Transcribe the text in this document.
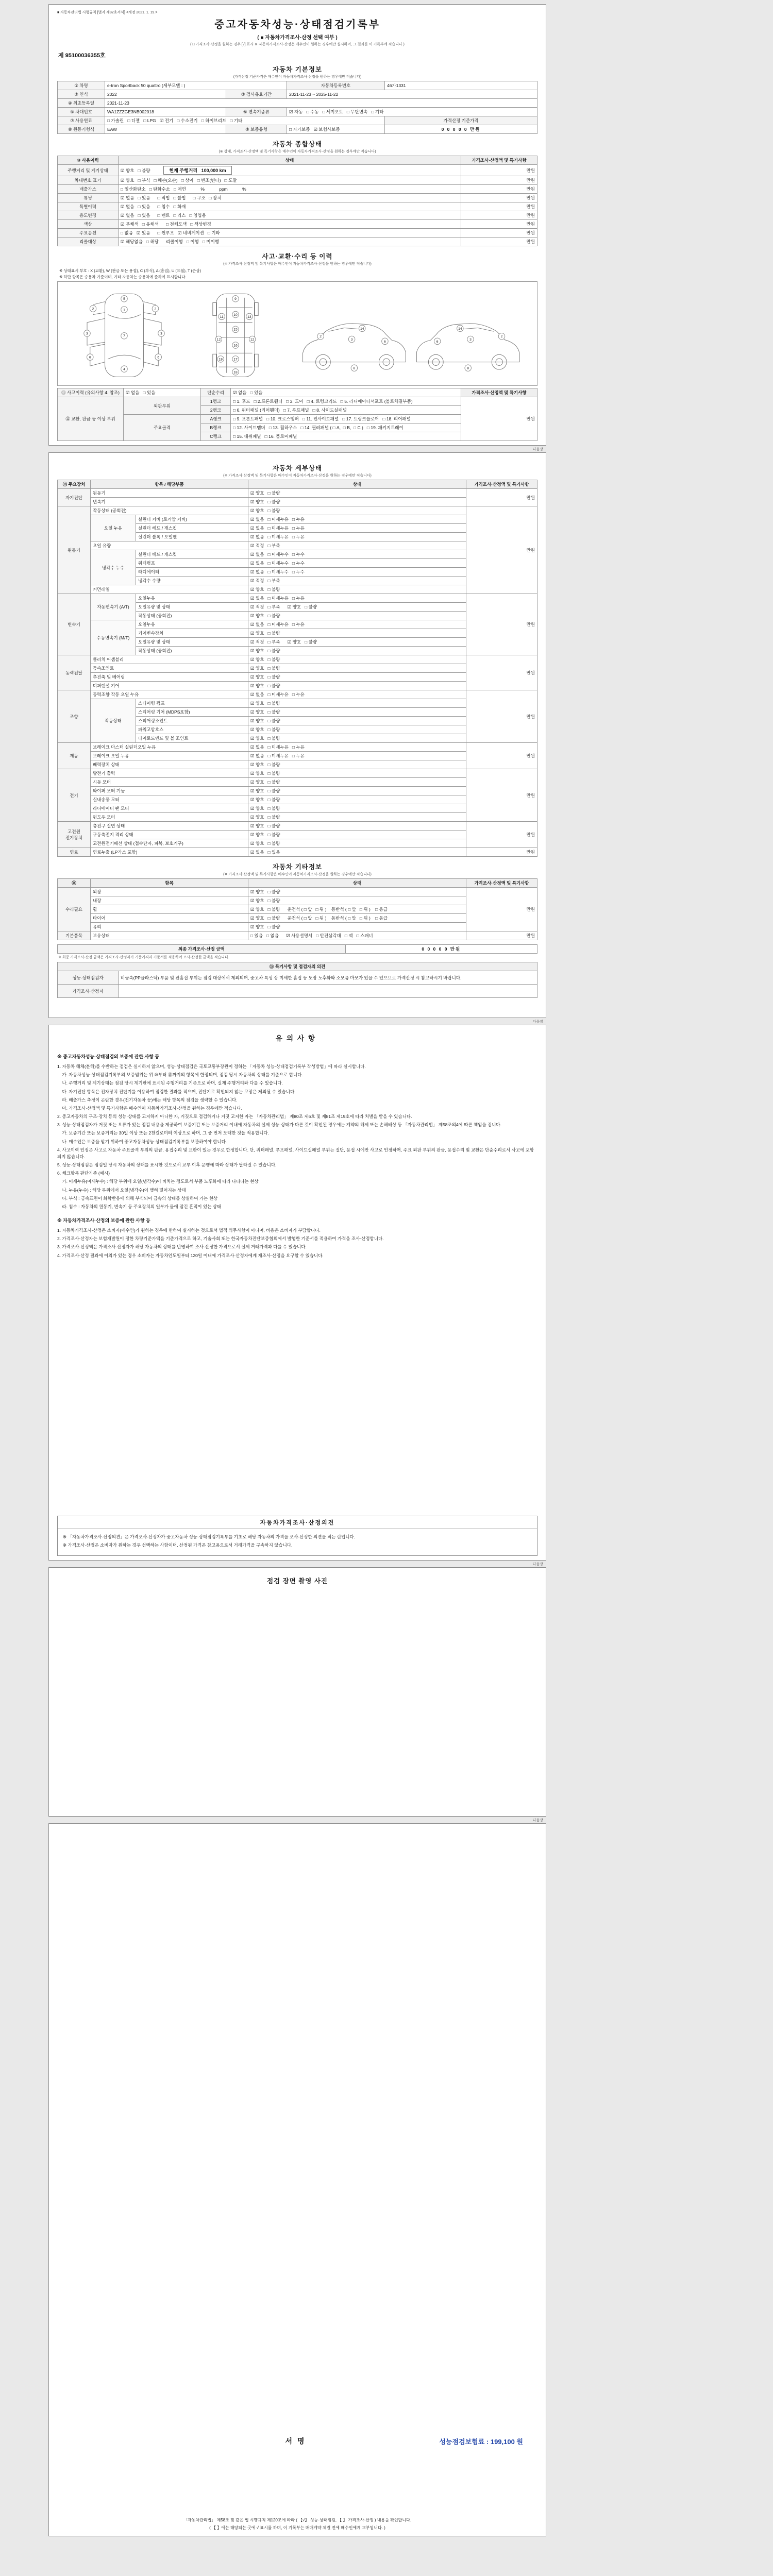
■ 자동차관리법 시행규칙 [별지 제82호서식] <개정 2021. 1. 19.>
중고자동차성능·상태점검기록부
( ■ 자동차가격조사·산정 선택 여부 )
( □ 가격조사·산정을 원하는 경우 [√] 표시 ※ 자동차가격조사·산정은 매수인이 원하는 경우에만 실시하며, 그 결과를 이 기록부에 적습니다 )
제 95100036355호
자동차 기본정보
(가격산정 기준가격은 매수인이 자동차가격조사·산정을 원하는 경우에만 적습니다)
① 차명	e-tron Sportback 50 quattro (세부모델 : )		자동차등록번호	46가1331
② 연식	2022	③ 검사유효기간	2021-11-23 ~ 2025-11-22	
④ 최초등록일	2021-11-23			
⑤ 차대번호	WA1ZZZGE3NB002018	⑥ 변속기종류	☑ 자동   □ 수동   □ 세미오토   □ 무단변속   □ 기타	
⑦ 사용연료	□ 가솔린   □ 디젤   □ LPG   ☑ 전기   □ 수소전기   □ 하이브리드   □ 기타			가격산정 기준가격
⑧ 원동기형식	EAW	⑨ 보증유형	□ 자가보증   ☑ 보험사보증	0 0 0 0 0 만원
자동차 종합상태
(※ 상태, 가격조사·산정액 및 특기사항은 매수인이 자동차가격조사·산정을 원하는 경우에만 적습니다)
⑩ 사용이력	상태	가격조사·산정액 및 특기사항
주행거리 및 계기상태	☑ 양호   □ 불량 현재 주행거리   100,000 km	만원
차대번호 표기	☑ 양호   □ 부식   □ 훼손(오손)   □ 상이   □ 변조(변타)   □ 도말	만원
배출가스	□ 일산화탄소   □ 탄화수소   □ 매연            %            ppm            %	만원
튜닝	☑ 없음   □ 있음      □ 적법   □ 불법      □ 구조   □ 장치	만원
특별이력	☑ 없음   □ 있음      □ 침수   □ 화재	만원
용도변경	☑ 없음   □ 있음      □ 렌트   □ 리스   □ 영업용	만원
색상	☑ 무채색   □ 유채색      □ 전체도색   □ 색상변경	만원
주요옵션	□ 없음   ☑ 있음      □ 썬루프   ☑ 네비게이션   □ 기타	만원
리콜대상	☑ 해당없음   □ 해당      리콜이행   □ 이행   □ 미이행	만원
사고·교환·수리 등 이력
(※ 가격조사·산정액 및 특기사항은 매수인이 자동차가격조사·산정을 원하는 경우에만 적습니다)
※ 상태표시 부호 : X (교환), W (판금 또는 용접), C (부식), A (흠집), U (요철), T (손상)
※ 하단 항목은 승용차 기준이며, 기타 자동차는 승용차에 준하여 표시합니다.
5
1
7
4
2	2
3	3
6	6
9
10
11	13
15
12	12
16
17
19
18
2
3
6
8
14
2
3
6
8
14
⑪ 사고이력 (유의사항 4. 참조)	☑ 없음   □ 있음	단순수리	☑ 없음   □ 있음	가격조사·산정액 및 특기사항
⑫ 교환, 판금 등 이상 부위	외판부위	1랭크	□ 1. 후드   □ 2.프론트휀더   □ 3. 도어   □ 4. 트렁크리드   □ 5. 라디에이터서포트 (볼트체결부품)	만원
		2랭크	□ 6. 쿼터패널 (리어휀더)   □ 7. 루프패널   □ 8. 사이드실패널	
	주요골격	A랭크	□ 9. 프론트패널   □ 10. 크로스멤버   □ 11. 인사이드패널   □ 17. 트렁크플로어   □ 18. 리어패널	
		B랭크	□ 12. 사이드멤버   □ 13. 휠하우스   □ 14. 필러패널 ( □ A,  □ B,  □ C )   □ 19. 패키지트레이	
		C랭크	□ 15. 대쉬패널   □ 16. 플로어패널	
다음장
자동차 세부상태
(※ 가격조사·산정액 및 특기사항은 매수인이 자동차가격조사·산정을 원하는 경우에만 적습니다)
⑬ 주요장치	항목 / 해당부품		상태	가격조사·산정액 및 특기사항
자기진단	원동기		☑ 양호   □ 불량	만원
	변속기		☑ 양호   □ 불량	
원동기	작동상태 (공회전)		☑ 양호   □ 불량	만원
	오일 누유	실린더 커버 (로커암 커버)	☑ 없음   □ 미세누유   □ 누유	
		실린더 헤드 / 개스킷	☑ 없음   □ 미세누유   □ 누유	
		실린더 블록 / 오일팬	☑ 없음   □ 미세누유   □ 누유	
	오일 유량		☑ 적정   □ 부족	
	냉각수 누수	실린더 헤드 / 개스킷	☑ 없음   □ 미세누수   □ 누수	
		워터펌프	☑ 없음   □ 미세누수   □ 누수	
		라디에이터	☑ 없음   □ 미세누수   □ 누수	
		냉각수 수량	☑ 적정   □ 부족	
	커먼레일		☑ 양호   □ 불량	
변속기	자동변속기 (A/T)	오일누유	☑ 없음   □ 미세누유   □ 누유	만원
		오일유량 및 상태	☑ 적정   □ 부족      ☑ 양호   □ 불량	
		작동상태 (공회전)	☑ 양호   □ 불량	
	수동변속기 (M/T)	오일누유	☑ 없음   □ 미세누유   □ 누유	
		기어변속장치	☑ 양호   □ 불량	
		오일유량 및 상태	☑ 적정   □ 부족      ☑ 양호   □ 불량	
		작동상태 (공회전)	☑ 양호   □ 불량	
동력전달	클러치 어셈블리		☑ 양호   □ 불량	만원
	등속조인트		☑ 양호   □ 불량	
	추진축 및 베어링		☑ 양호   □ 불량	
	디퍼렌셜 기어		☑ 양호   □ 불량	
조향	동력조향 작동 오일 누유		☑ 없음   □ 미세누유   □ 누유	만원
	작동상태	스티어링 펌프	☑ 양호   □ 불량	
		스티어링 기어 (MDPS포함)	☑ 양호   □ 불량	
		스티어링조인트	☑ 양호   □ 불량	
		파워고압호스	☑ 양호   □ 불량	
		타이로드엔드 및 볼 조인트	☑ 양호   □ 불량	
제동	브레이크 마스터 실린더오일 누유		☑ 없음   □ 미세누유   □ 누유	만원
	브레이크 오일 누유		☑ 없음   □ 미세누유   □ 누유	
	배력장치 상태		☑ 양호   □ 불량	
전기	발전기 출력		☑ 양호   □ 불량	만원
	시동 모터		☑ 양호   □ 불량	
	와이퍼 모터 기능		☑ 양호   □ 불량	
	실내송풍 모터		☑ 양호   □ 불량	
	라디에이터 팬 모터		☑ 양호   □ 불량	
	윈도우 모터		☑ 양호   □ 불량	
고전원 전기장치	충전구 절연 상태		☑ 양호   □ 불량	만원
	구동축전지 격리 상태		☑ 양호   □ 불량	
	고전원전기배선 상태 (접속단자, 피복, 보호기구)		☑ 양호   □ 불량	
연료	연료누출 (LP가스 포함)		☑ 없음   □ 있음	만원
자동차 기타정보
(※ 가격조사·산정액 및 특기사항은 매수인이 자동차가격조사·산정을 원하는 경우에만 적습니다)
⑭	항목	상태	가격조사·산정액 및 특기사항
수리필요	외장	☑ 양호   □ 불량	만원
	내장	☑ 양호   □ 불량	
	휠	☑ 양호   □ 불량      운전석 ( □ 앞   □ 뒤 )    동반석 ( □ 앞   □ 뒤 )    □ 응급	
	타이어	☑ 양호   □ 불량      운전석 ( □ 앞   □ 뒤 )    동반석 ( □ 앞   □ 뒤 )    □ 응급	
	유리	☑ 양호   □ 불량	
기본품목	보유상태	□ 있음   □ 없음      ☑ 사용설명서   □ 안전삼각대   □ 잭   □ 스패너	만원
최종 가격조사·산정 금액	0 0 0 0 0 만원
※ 최종 가격조사·산정 금액은 가격조사·산정자가 기준가격과 기준서를 적용하여 조사·산정한 금액을 적습니다.
⑮ 특기사항 및 점검자의 의견	
성능·상태점검자	비금속(PP플라스틱) 부품 및 잔흠집 부위는 점검 대상에서 제외되며, 중고차 특성 상 미세한 흠집 등 도장 노후화와 소모품 마모가 있을 수 있으므로 가격산정 시 참고하시기 바랍니다.
가격조사·산정자	
다음장
유의사항
※ 중고자동차성능·상태점검의 보증에 관한 사항 등

1. 자동차 해체(분해)를 수반하는 점검은 실시하지 않으며, 성능·상태점검은 국토교통부장관이 정하는 「자동차 성능·상태점검기록부 작성방법」에 따라 실시합니다.

가. 자동차성능·상태점검기록부의 보증범위는 위 ⑩부터 ⑮까지의 항목에 한정되며, 점검 당시 자동차의 상태를 기준으로 합니다.

나. 주행거리 및 계기상태는 점검 당시 계기판에 표시된 주행거리를 기준으로 하며, 실제 주행거리와 다를 수 있습니다.

다. 자기진단 항목은 전자장치 진단기를 이용하여 점검한 결과를 적으며, 진단기로 확인되지 않는 고장은 제외될 수 있습니다.

라. 배출가스 측정이 곤란한 경우(전기자동차 등)에는 해당 항목의 점검을 생략할 수 있습니다.

마. 가격조사·산정액 및 특기사항은 매수인이 자동차가격조사·산정을 원하는 경우에만 적습니다.

2. 중고자동차의 구조·장치 등의 성능·상태를 고지하지 아니한 자, 거짓으로 점검하거나 거짓 고지한 자는 「자동차관리법」 제80조 제6호 및 제81조 제19호에 따라 처벌을 받을 수 있습니다.

3. 성능·상태점검자가 거짓 또는 오류가 있는 점검 내용을 제공하여 보증기간 또는 보증거리 이내에 자동차의 실제 성능·상태가 다른 것이 확인된 경우에는 계약의 해제 또는 손해배상 등 「자동차관리법」 제58조의4에 따른 책임을 집니다.

가. 보증기간 또는 보증거리는 30일 이상 또는 2천킬로미터 이상으로 하며, 그 중 먼저 도래한 것을 적용합니다.

나. 매수인은 보증을 받기 위하여 중고자동차성능·상태점검기록부를 보관하여야 합니다.

4. 사고이력 인정은 사고로 자동차 주요골격 부위의 판금, 용접수리 및 교환이 있는 경우로 한정합니다. 단, 쿼터패널, 루프패널, 사이드실패널 부위는 절단, 용접 시에만 사고로 인정하며, 주요 외판 부위의 판금, 용접수리 및 교환은 단순수리로서 사고에 포함되지 않습니다.

5. 성능·상태점검은 점검일 당시 자동차의 상태를 표시한 것으로서 교부 이후 운행에 따라 상태가 달라질 수 있습니다.

6. 체크항목 판단기준 (예시)

가. 미세누유(미세누수) : 해당 부위에 오일(냉각수)이 비치는 정도로서 부품 노후화에 따라 나타나는 현상

나. 누유(누수) : 해당 부위에서 오일(냉각수)이 맺혀 떨어지는 상태

다. 부식 : 금속표면이 화학반응에 의해 부식되어 금속의 상태를 상실하여 가는 현상

라. 침수 : 자동차의 원동기, 변속기 등 주요장치의 일부가 물에 잠긴 흔적이 있는 상태

※ 자동차가격조사·산정의 보증에 관한 사항 등

1. 자동차가격조사·산정은 소비자(매수인)가 원하는 경우에 한하여 실시하는 것으로서 법적 의무사항이 아니며, 비용은 소비자가 부담합니다.

2. 가격조사·산정자는 보험개발원이 정한 차량기준가액을 기준가격으로 하고, 기술사회 또는 한국자동차진단보증협회에서 발행한 기준서를 적용하여 가격을 조사·산정합니다.

3. 가격조사·산정액은 가격조사·산정자가 해당 자동차의 상태를 반영하여 조사·산정한 가격으로서 실제 거래가격과 다를 수 있습니다.

4. 가격조사·산정 결과에 이의가 있는 경우 소비자는 자동차인도일부터 120일 이내에 가격조사·산정자에게 재조사·산정을 요구할 수 있습니다.

자동차가격조사·산정의견

※ 「자동차가격조사·산정의견」은 가격조사·산정자가 중고자동차 성능·상태점검기록부를 기초로 해당 자동차의 가격을 조사·산정한 의견을 적는 란입니다.

※ 가격조사·산정은 소비자가 원하는 경우 선택하는 사항이며, 산정된 가격은 참고용으로서 거래가격을 구속하지 않습니다.

다음장
점검 장면 촬영 사진
다음장
서명	성능점검보험료 : 199,100 원
「자동차관리법」 제58조 및 같은 법 시행규칙 제120조에 따라 ( 【√】 성능·상태점검, 【 】 가격조사·산정 ) 내용을 확인합니다.
( 【 】에는 해당되는 곳에 √ 표시를 하며, 이 기록부는 매매계약 체결 전에 매수인에게 교부됩니다. )
